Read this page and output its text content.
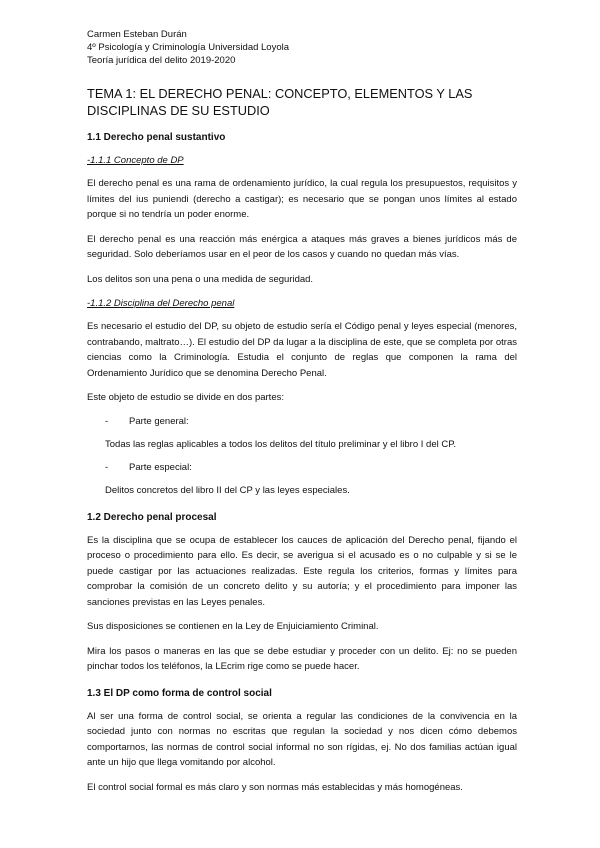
Carmen Esteban Durán
4º Psicología y Criminología Universidad Loyola
Teoría jurídica del delito 2019-2020
TEMA 1: EL DERECHO PENAL: CONCEPTO, ELEMENTOS Y LAS DISCIPLINAS DE SU ESTUDIO
1.1 Derecho penal sustantivo
-1.1.1 Concepto de DP

El derecho penal es una rama de ordenamiento jurídico, la cual regula los presupuestos, requisitos y límites del ius puniendi (derecho a castigar); es necesario que se pongan unos límites al estado porque si no tendría un poder enorme.

El derecho penal es una reacción más enérgica a ataques más graves a bienes jurídicos más de seguridad. Solo deberíamos usar en el peor de los casos y cuando no quedan más vías.

Los delitos son una pena o una medida de seguridad.

-1.1.2 Disciplina del Derecho penal

Es necesario el estudio del DP, su objeto de estudio sería el Código penal y leyes especial (menores, contrabando, maltrato…). El estudio del DP da lugar a la disciplina de este, que se completa por otras ciencias como la Criminología. Estudia el conjunto de reglas que componen la rama del Ordenamiento Jurídico que se denomina Derecho Penal.

Este objeto de estudio se divide en dos partes:

-	Parte general:

Todas las reglas aplicables a todos los delitos del título preliminar y el libro I del CP.

-	Parte especial:

Delitos concretos del libro II del CP y las leyes especiales.

1.2 Derecho penal procesal

Es la disciplina que se ocupa de establecer los cauces de aplicación del Derecho penal, fijando el proceso o procedimiento para ello. Es decir, se averigua si el acusado es o no culpable y si se le puede castigar por las actuaciones realizadas. Este regula los criterios, formas y límites para comprobar la comisión de un concreto delito y su autoría; y el procedimiento para imponer las sanciones previstas en las Leyes penales.

Sus disposiciones se contienen en la Ley de Enjuiciamiento Criminal.

Mira los pasos o maneras en las que se debe estudiar y proceder con un delito. Ej: no se pueden pinchar todos los teléfonos, la LEcrim rige como se puede hacer.

1.3 El DP como forma de control social

Al ser una forma de control social, se orienta a regular las condiciones de la convivencia en la sociedad junto con normas no escritas que regulan la sociedad y nos dicen cómo debemos comportarnos, las normas de control social informal no son rígidas, ej. No dos familias actúan igual ante un hijo que llega vomitando por alcohol.

El control social formal es más claro y son normas más establecidas y más homogéneas.
